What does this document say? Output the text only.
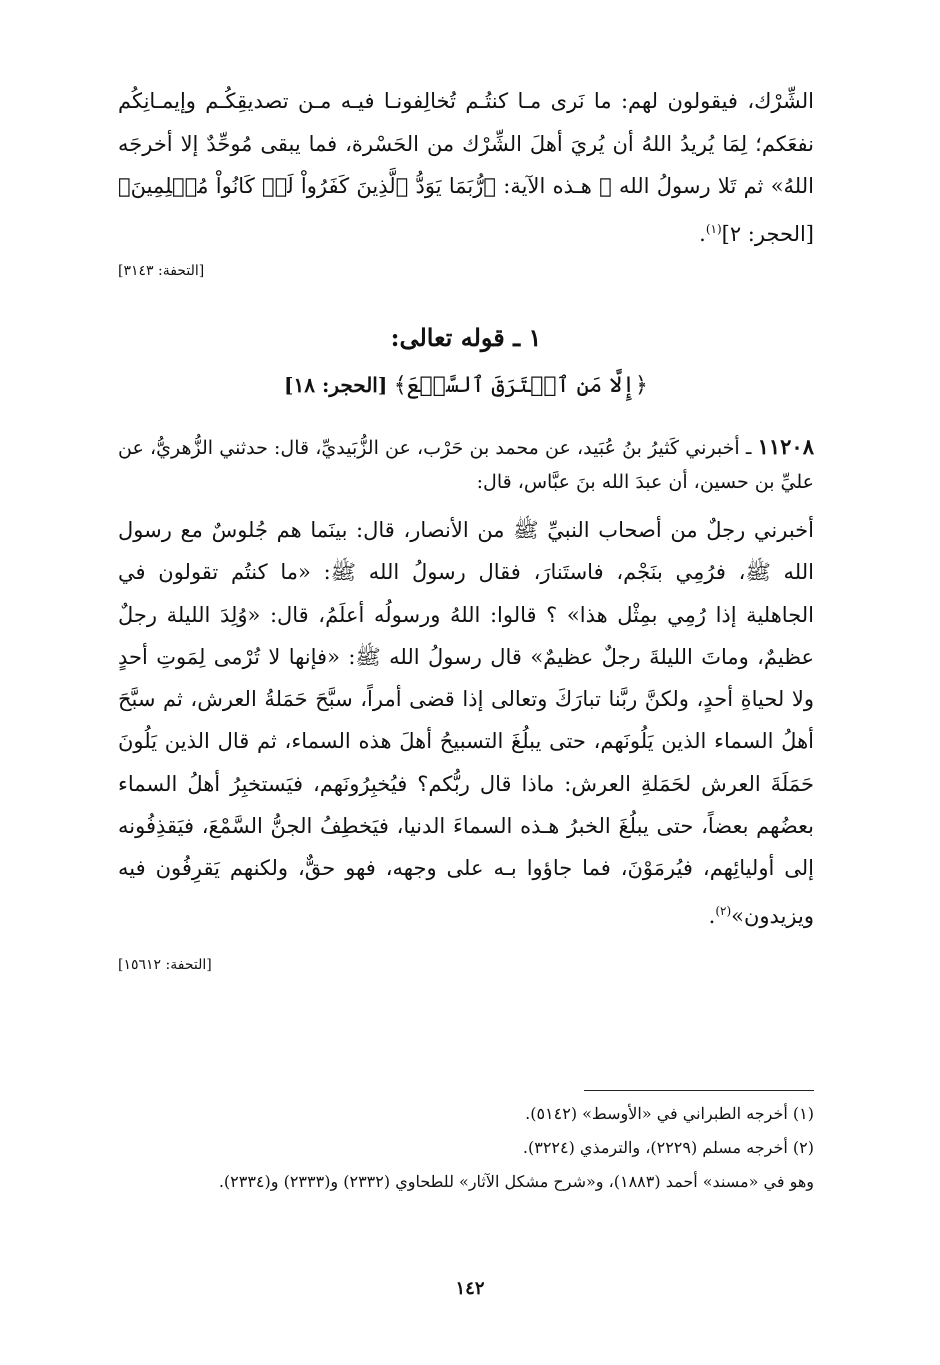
الشِّرْك، فيقولون لهم: ما نَرى مـا كنتُـم تُخالِفونـا فيـه مـن تصديقِكُـم وإيمـانِكُم نفعَكم؛ لِمَا يُريدُ اللهُ أن يُريَ أهلَ الشِّرْك من الحَسْرة، فما يبقى مُوحِّدٌ إلا أخرجَه اللهُ» ثم تَلا رسولُ الله ﷺ هـذه الآية: ﴿رُّبَمَا يَوَدُّ ٱلَّذِينَ كَفَرُواْ لَوۡ كَانُواْ مُسۡلِمِينَ﴾ [الحجر: ٢]$^{(١)}$.

[التحفة: ٣١٤٣]
١ ـ قوله تعالى:
﴿إِلَّا مَنِ ٱسۡتَرَقَ ٱلسَّمۡعَ﴾ [الحجر: ١٨]

١١٢٠٨ ـ أخبرني كَثيرُ بنُ عُبَيد، عن محمد بن حَرْب، عن الزُّبَيديِّ، قال: حدثني الزُّهريُّ، عن عليِّ بن حسين، أن عبدَ الله بنَ عبَّاس، قال:

أخبرني رجلٌ من أصحاب النبيِّ ﷺ من الأنصار، قال: بينَما هم جُلوسٌ مع رسول الله ﷺ، فرُمِي بنَجْم، فاستَنارَ، فقال رسولُ الله ﷺ: «ما كنتُم تقولون في الجاهلية إذا رُمِي بمِثْل هذا» ؟ قالوا: اللهُ ورسولُه أعلَمُ، قال: «وُلِدَ الليلة رجلٌ عظيمٌ، وماتَ الليلةَ رجلٌ عظيمٌ» قال رسولُ الله ﷺ: «فإنها لا تُرْمى لِمَوتِ أحدٍ ولا لحياةِ أحدٍ، ولكنَّ ربَّنا تبارَكَ وتعالى إذا قضى أمراً، سبَّحَ حَمَلةُ العرش، ثم سبَّحَ أهلُ السماء الذين يَلُونَهم، حتى يبلُغَ التسبيحُ أهلَ هذه السماء، ثم قال الذين يَلُونَ حَمَلَةَ العرش لحَمَلةِ العرش: ماذا قال ربُّكم؟ فيُخبِرُونَهم، فيَستخبِرُ أهلُ السماء بعضُهم بعضاً، حتى يبلُغَ الخبرُ هـذه السماءَ الدنيا، فيَخطِفُ الجنُّ السَّمْعَ، فيَقذِفُونه إلى أوليائِهم، فيُرمَوْنَ، فما جاؤوا بـه على وجهه، فهو حقٌّ، ولكنهم يَقرِفُون فيه ويزيدون»$^{(٢)}$.

[التحفة: ١٥٦١٢]

(١) أخرجه الطبراني في «الأوسط» (٥١٤٢).

(٢) أخرجه مسلم (٢٢٢٩)، والترمذي (٣٢٢٤).

وهو في «مسند» أحمد (١٨٨٣)، و«شرح مشكل الآثار» للطحاوي (٢٣٣٢) و(٢٣٣٣) و(٢٣٣٤).

١٤٢
